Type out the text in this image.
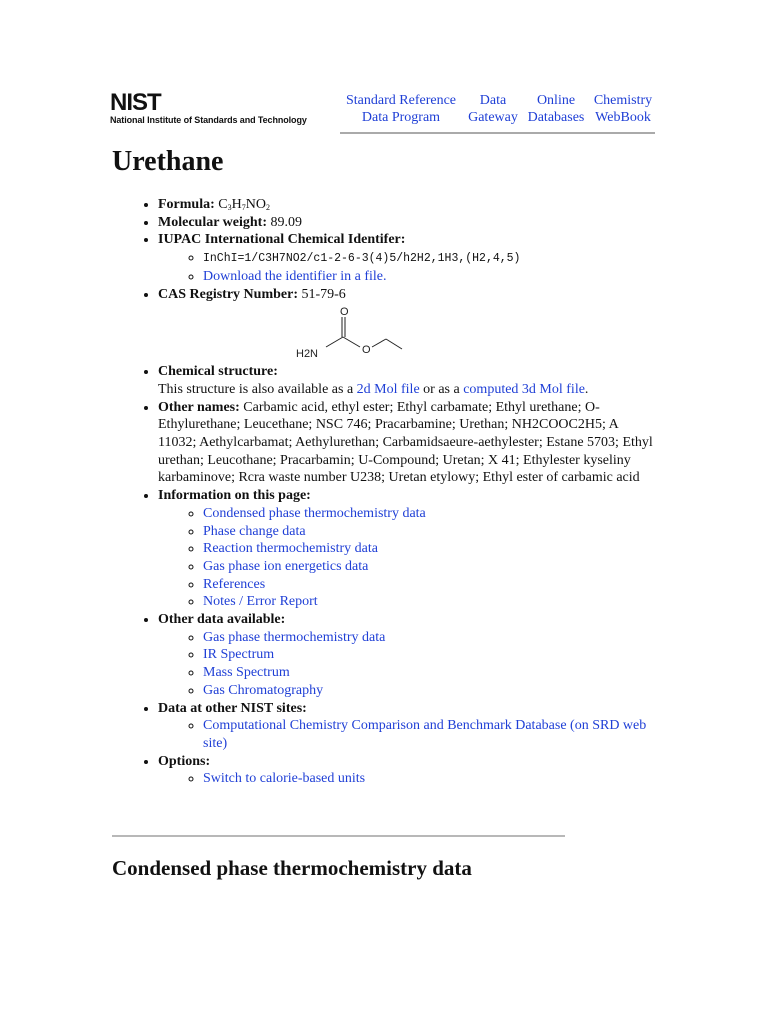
NIST
National Institute of Standards and Technology
Standard Reference
Data Program
Data
Gateway
Online
Databases
Chemistry
WebBook
Urethane
• Formula: $C_3H_7NO_2$
• Molecular weight: 89.09
• IUPAC International Chemical Identifer:
◦ InChI=1/C3H7NO2/c1-2-6-3(4)5/h2H2,1H3,(H2,4,5)
◦ Download the identifier in a file.
• CAS Registry Number: 51-79-6
O
H2N	O
• Chemical structure:
This structure is also available as a 2d Mol file or as a computed 3d Mol file.
• Other names: Carbamic acid, ethyl ester; Ethyl carbamate; Ethyl urethane; O-Ethylurethane; Leucethane; NSC 746; Pracarbamine; Urethan; NH2COOC2H5; A 11032; Aethylcarbamat; Aethylurethan; Carbamidsaeure-aethylester; Estane 5703; Ethyl urethan; Leucothane; Pracarbamin; U-Compound; Uretan; X 41; Ethylester kyseliny karbaminove; Rcra waste number U238; Uretan etylowy; Ethyl ester of carbamic acid
• Information on this page:
◦ Condensed phase thermochemistry data
◦ Phase change data
◦ Reaction thermochemistry data
◦ Gas phase ion energetics data
◦ References
◦ Notes / Error Report
• Other data available:
◦ Gas phase thermochemistry data
◦ IR Spectrum
◦ Mass Spectrum
◦ Gas Chromatography
• Data at other NIST sites:
◦ Computational Chemistry Comparison and Benchmark Database (on SRD web site)
• Options:
◦ Switch to calorie-based units
Condensed phase thermochemistry data
